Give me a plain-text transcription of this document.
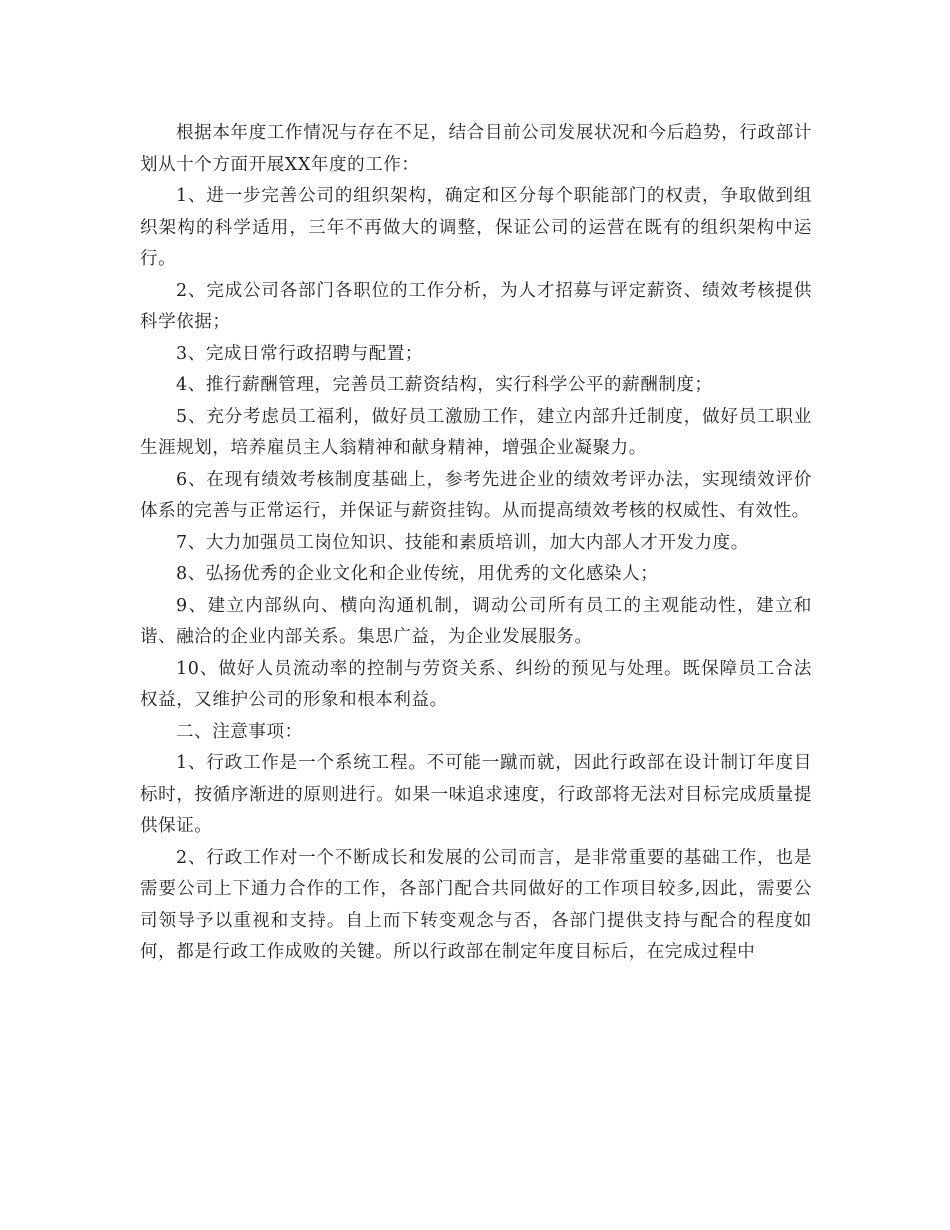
根据本年度工作情况与存在不足，结合目前公司发展状况和今后趋势，行政部计划从十个方面开展XX年度的工作：

1、进一步完善公司的组织架构，确定和区分每个职能部门的权责，争取做到组织架构的科学适用，三年不再做大的调整，保证公司的运营在既有的组织架构中运行。

2、完成公司各部门各职位的工作分析，为人才招募与评定薪资、绩效考核提供科学依据；

3、完成日常行政招聘与配置；

4、推行薪酬管理，完善员工薪资结构，实行科学公平的薪酬制度；

5、充分考虑员工福利，做好员工激励工作，建立内部升迁制度，做好员工职业生涯规划，培养雇员主人翁精神和献身精神，增强企业凝聚力。

6、在现有绩效考核制度基础上，参考先进企业的绩效考评办法，实现绩效评价体系的完善与正常运行，并保证与薪资挂钩。从而提高绩效考核的权威性、有效性。

7、大力加强员工岗位知识、技能和素质培训，加大内部人才开发力度。

8、弘扬优秀的企业文化和企业传统，用优秀的文化感染人；

9、建立内部纵向、横向沟通机制，调动公司所有员工的主观能动性，建立和谐、融洽的企业内部关系。集思广益，为企业发展服务。

10、做好人员流动率的控制与劳资关系、纠纷的预见与处理。既保障员工合法权益，又维护公司的形象和根本利益。

二、注意事项：

1、行政工作是一个系统工程。不可能一蹴而就，因此行政部在设计制订年度目标时，按循序渐进的原则进行。如果一味追求速度，行政部将无法对目标完成质量提供保证。

2、行政工作对一个不断成长和发展的公司而言，是非常重要的基础工作，也是需要公司上下通力合作的工作，各部门配合共同做好的工作项目较多,因此，需要公司领导予以重视和支持。自上而下转变观念与否，各部门提供支持与配合的程度如何，都是行政工作成败的关键。所以行政部在制定年度目标后，在完成过程中
